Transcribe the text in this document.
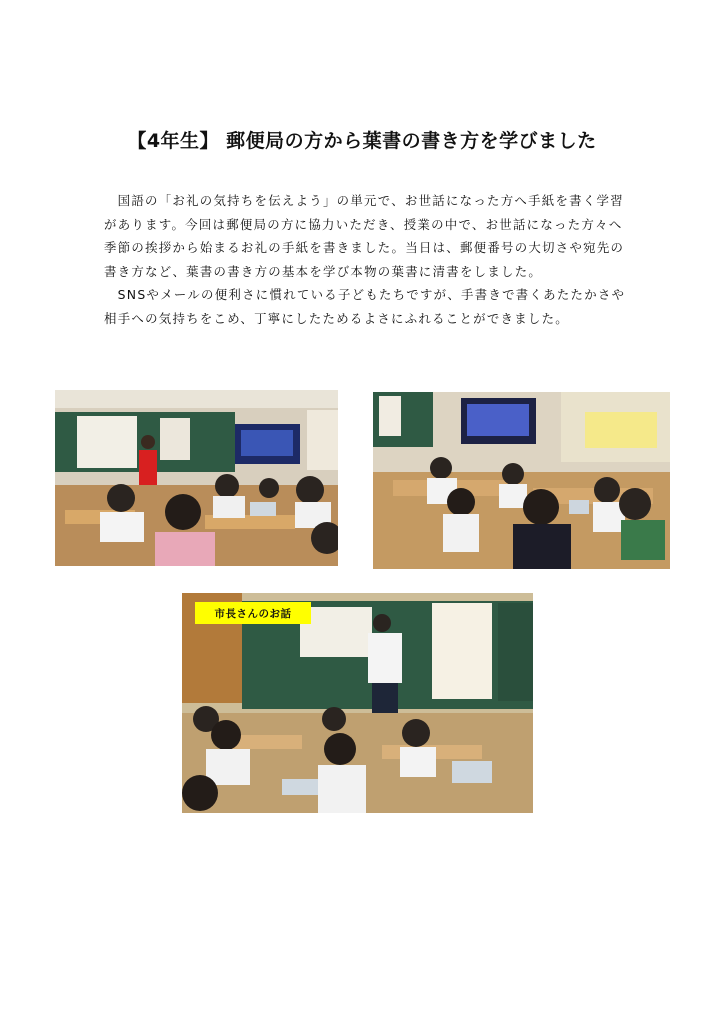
【4年生】 郵便局の方から葉書の書き方を学びました

国語の「お礼の気持ちを伝えよう」の単元で、お世話になった方へ手紙を書く学習があります。今回は郵便局の方に協力いただき、授業の中で、お世話になった方々へ季節の挨拶から始まるお礼の手紙を書きました。当日は、郵便番号の大切さや宛先の書き方など、葉書の書き方の基本を学び本物の葉書に清書をしました。

SNSやメールの便利さに慣れている子どもたちですが、手書きで書くあたたかさや相手への気持ちをこめ、丁寧にしたためるよさにふれることができました。

市長さんのお話
